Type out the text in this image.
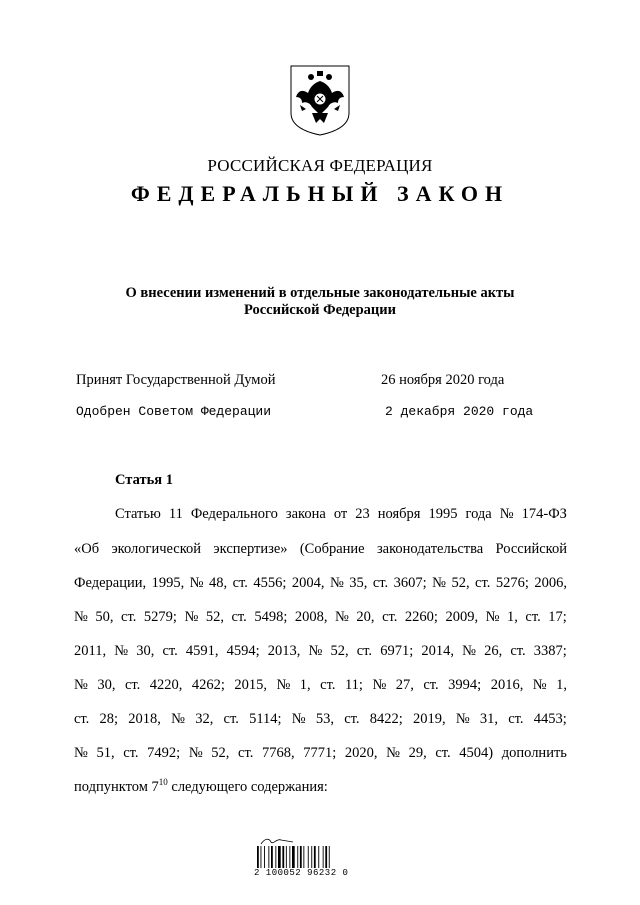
РОССИЙСКАЯ ФЕДЕРАЦИЯ
ФЕДЕРАЛЬНЫЙ ЗАКОН
О внесении изменений в отдельные законодательные акты
Российской Федерации
Принят Государственной Думой	26 ноября 2020 года
Одобрен Советом Федерации	2 декабря 2020 года
Статья 1
Статью 11 Федерального закона от 23 ноября 1995 года № 174-ФЗ
«Об экологической экспертизе» (Собрание законодательства Российской
Федерации, 1995, № 48, ст. 4556; 2004, № 35, ст. 3607; № 52, ст. 5276; 2006,
№ 50, ст. 5279; № 52, ст. 5498; 2008, № 20, ст. 2260; 2009, № 1, ст. 17;
2011, № 30, ст. 4591, 4594; 2013, № 52, ст. 6971; 2014, № 26, ст. 3387;
№ 30, ст. 4220, 4262; 2015, № 1, ст. 11; № 27, ст. 3994; 2016, № 1,
ст. 28; 2018, № 32, ст. 5114; № 53, ст. 8422; 2019, № 31, ст. 4453;
№ 51, ст. 7492; № 52, ст. 7768, 7771; 2020, № 29, ст. 4504) дополнить
подпунктом $7^{10}$ следующего содержания:
2 100052 96232 0
